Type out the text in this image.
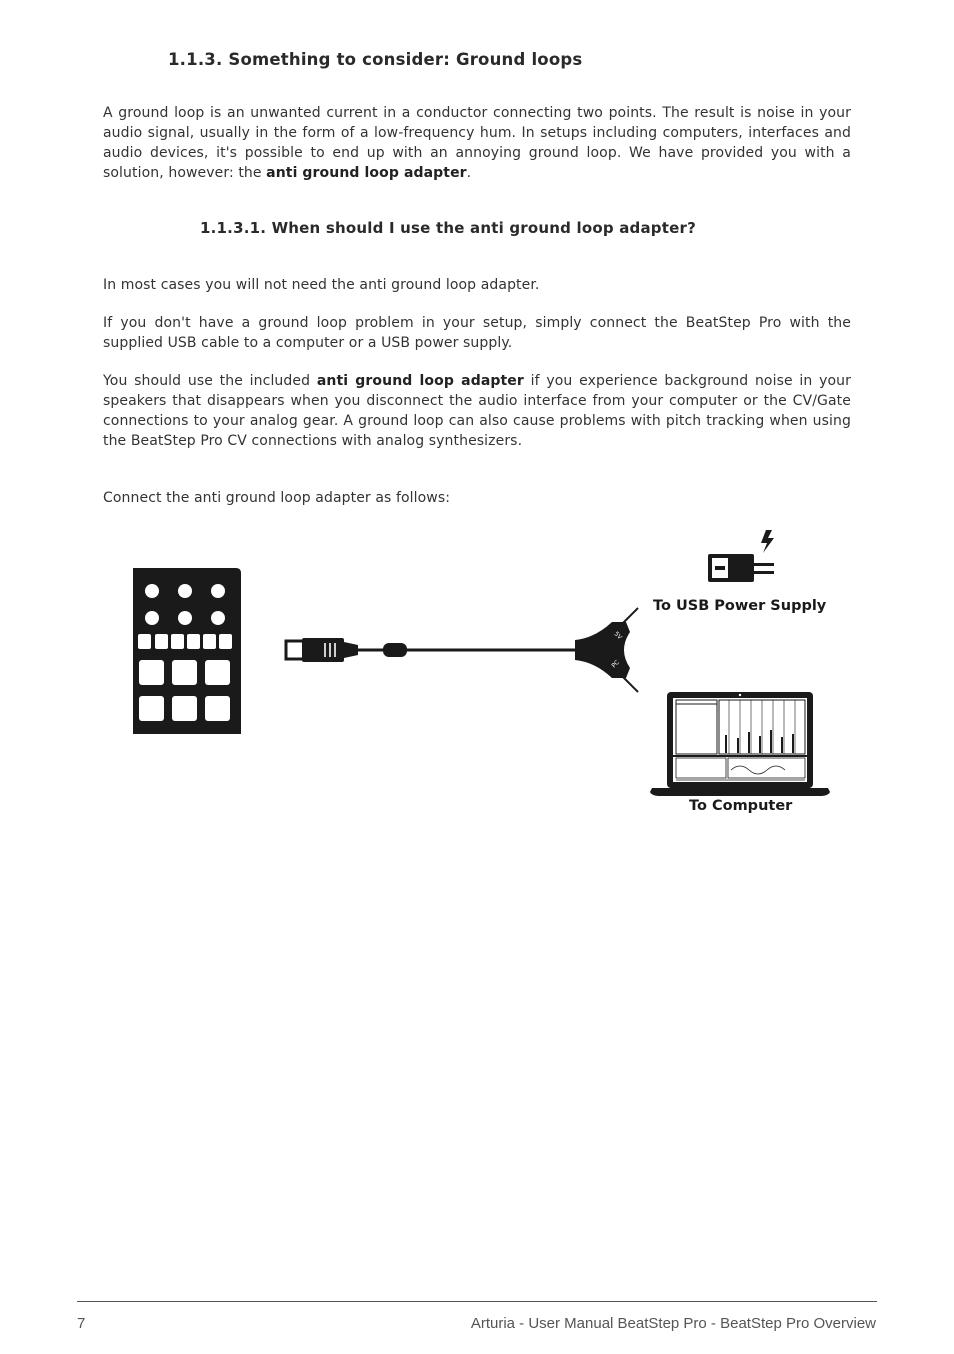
1.1.3. Something to consider: Ground loops
A ground loop is an unwanted current in a conductor connecting two points. The result is noise in your audio signal, usually in the form of a low-frequency hum. In setups including computers, interfaces and audio devices, it's possible to end up with an annoying ground loop. We have provided you with a solution, however: the anti ground loop adapter.
1.1.3.1. When should I use the anti ground loop adapter?
In most cases you will not need the anti ground loop adapter.
If you don't have a ground loop problem in your setup, simply connect the BeatStep Pro with the supplied USB cable to a computer or a USB power supply.
You should use the included anti ground loop adapter if you experience background noise in your speakers that disappears when you disconnect the audio interface from your computer or the CV/Gate connections to your analog gear. A ground loop can also cause problems with pitch tracking when using the BeatStep Pro CV connections with analog synthesizers.
Connect the anti ground loop adapter as follows:
5V
PC
To USB Power Supply
To Computer
7	Arturia - User Manual BeatStep Pro - BeatStep Pro Overview
